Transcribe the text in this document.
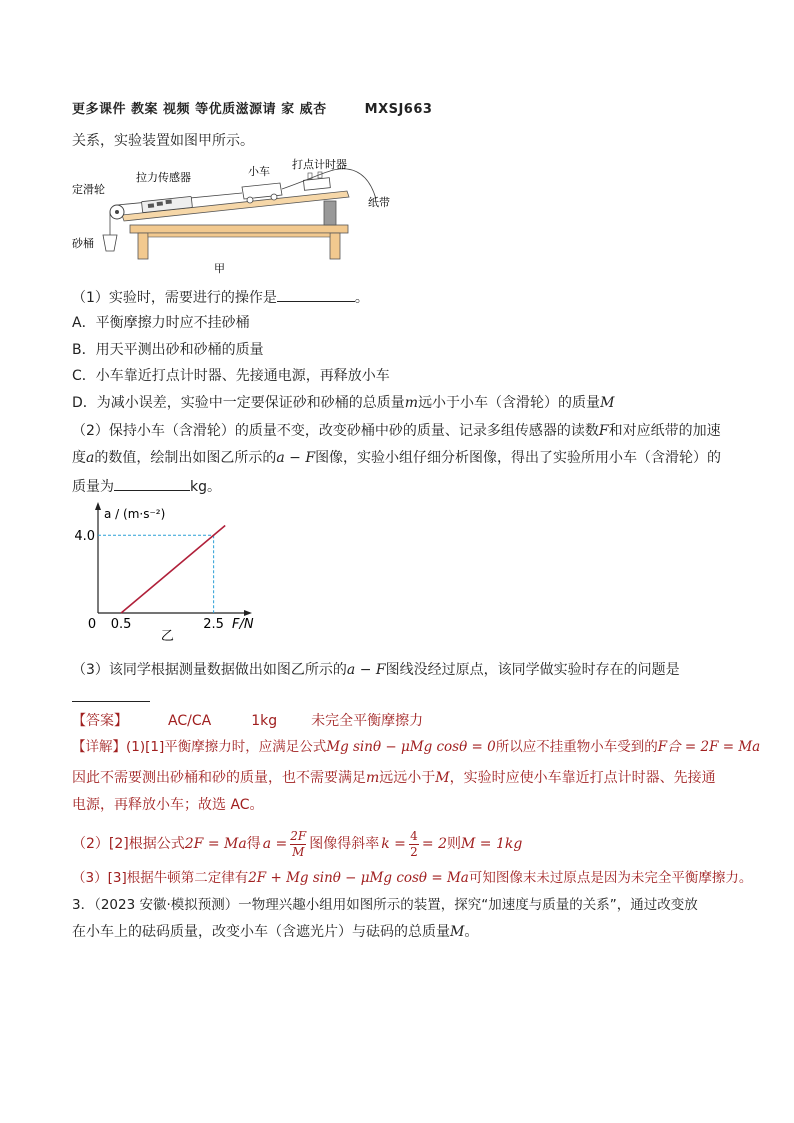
更多课件 教案 视频 等优质滋源请 家 威杏	MXSJ663
关系，实验装置如图甲所示。
定滑轮
拉力传感器	小车
打点计时器
纸带
砂桶
甲
（1）实验时，需要进行的操作是	。
A．平衡摩擦力时应不挂砂桶
B．用天平测出砂和砂桶的质量
C．小车靠近打点计时器、先接通电源，再释放小车
D．为减小误差，实验中一定要保证砂和砂桶的总质量m远小于小车（含滑轮）的质量M
（2）保持小车（含滑轮）的质量不变，改变砂桶中砂的质量、记录多组传感器的读数F和对应纸带的加速
度a的数值，绘制出如图乙所示的a − F图像，实验小组仔细分析图像，得出了实验所用小车（含滑轮）的
质量为	kg。
0 0.5	2.5
4.0
F/N
a / (m·s⁻²)
乙
（3）该同学根据测量数据做出如图乙所示的a − F图线没经过原点，该同学做实验时存在的问题是
【答案】	AC/CA	1kg 未完全平衡摩擦力
【详解】(1)[1]平衡摩擦力时，应满足公式Mg sinθ − μMg cosθ = 0所以应不挂重物小车受到的F合 = 2F = Ma
因此不需要测出砂桶和砂的质量，也不需要满足m远远小于M，实验时应使小车靠近打点计时器、先接通
电源，再释放小车；故选 AC。
（2）[2]根据公式 2F = Ma 得 a =
2F
M 图像得斜率 k =
4
2 = 2 则 M = 1kg
（3）[3]根据牛顿第二定律有2F + Mg sinθ − μMg cosθ = Ma可知图像末未过原点是因为未完全平衡摩擦力。
3．（2023 安徽·模拟预测）一物理兴趣小组用如图所示的装置，探究“加速度与质量的关系”，通过改变放
在小车上的砝码质量，改变小车（含遮光片）与砝码的总质量M。
